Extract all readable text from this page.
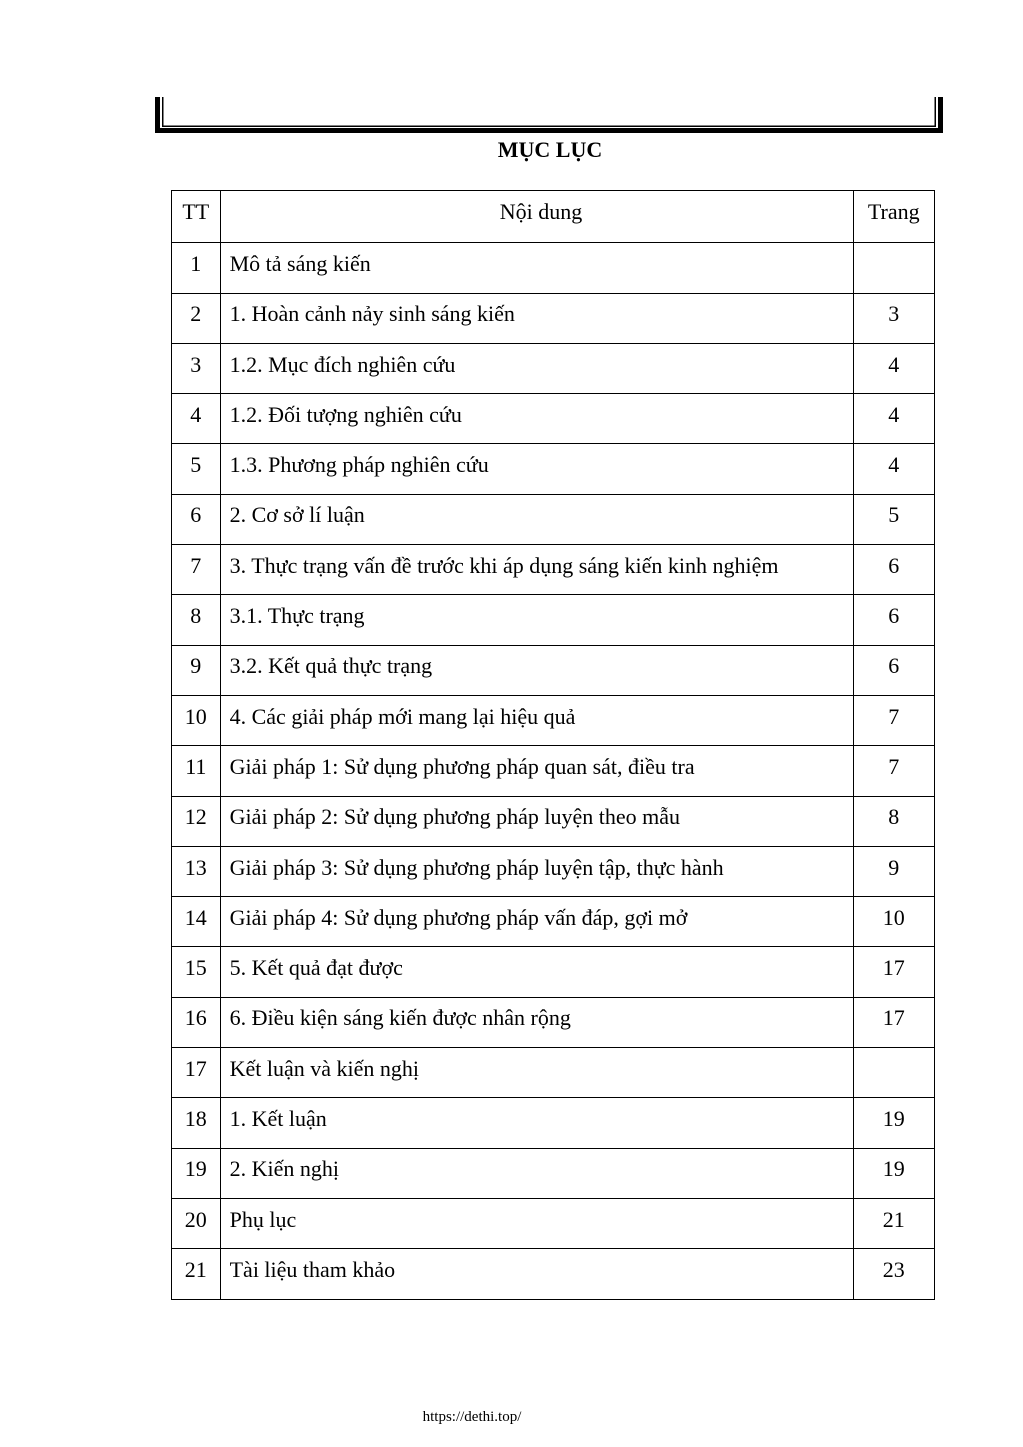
MỤC LỤC
TT	Nội dung	Trang
1	Mô tả sáng kiến	
2	1. Hoàn cảnh nảy sinh sáng kiến	3
3	1.2. Mục đích nghiên cứu	4
4	1.2. Đối tượng nghiên cứu	4
5	1.3. Phương pháp nghiên cứu	4
6	2. Cơ sở lí luận	5
7	3. Thực trạng vấn đề trước khi áp dụng sáng kiến kinh nghiệm	6
8	3.1. Thực trạng	6
9	3.2. Kết quả thực trạng	6
10	4. Các giải pháp mới mang lại hiệu quả	7
11	Giải pháp 1: Sử dụng phương pháp quan sát, điều tra	7
12	Giải pháp 2: Sử dụng phương pháp luyện theo mẫu	8
13	Giải pháp 3: Sử dụng phương pháp luyện tập, thực hành	9
14	Giải pháp 4: Sử dụng phương pháp vấn đáp, gợi mở	10
15	5. Kết quả đạt được	17
16	6. Điều kiện sáng kiến được nhân rộng	17
17	Kết luận và kiến nghị	
18	1. Kết luận	19
19	2. Kiến nghị	19
20	Phụ lục	21
21	Tài liệu tham khảo	23
https://dethi.top/
